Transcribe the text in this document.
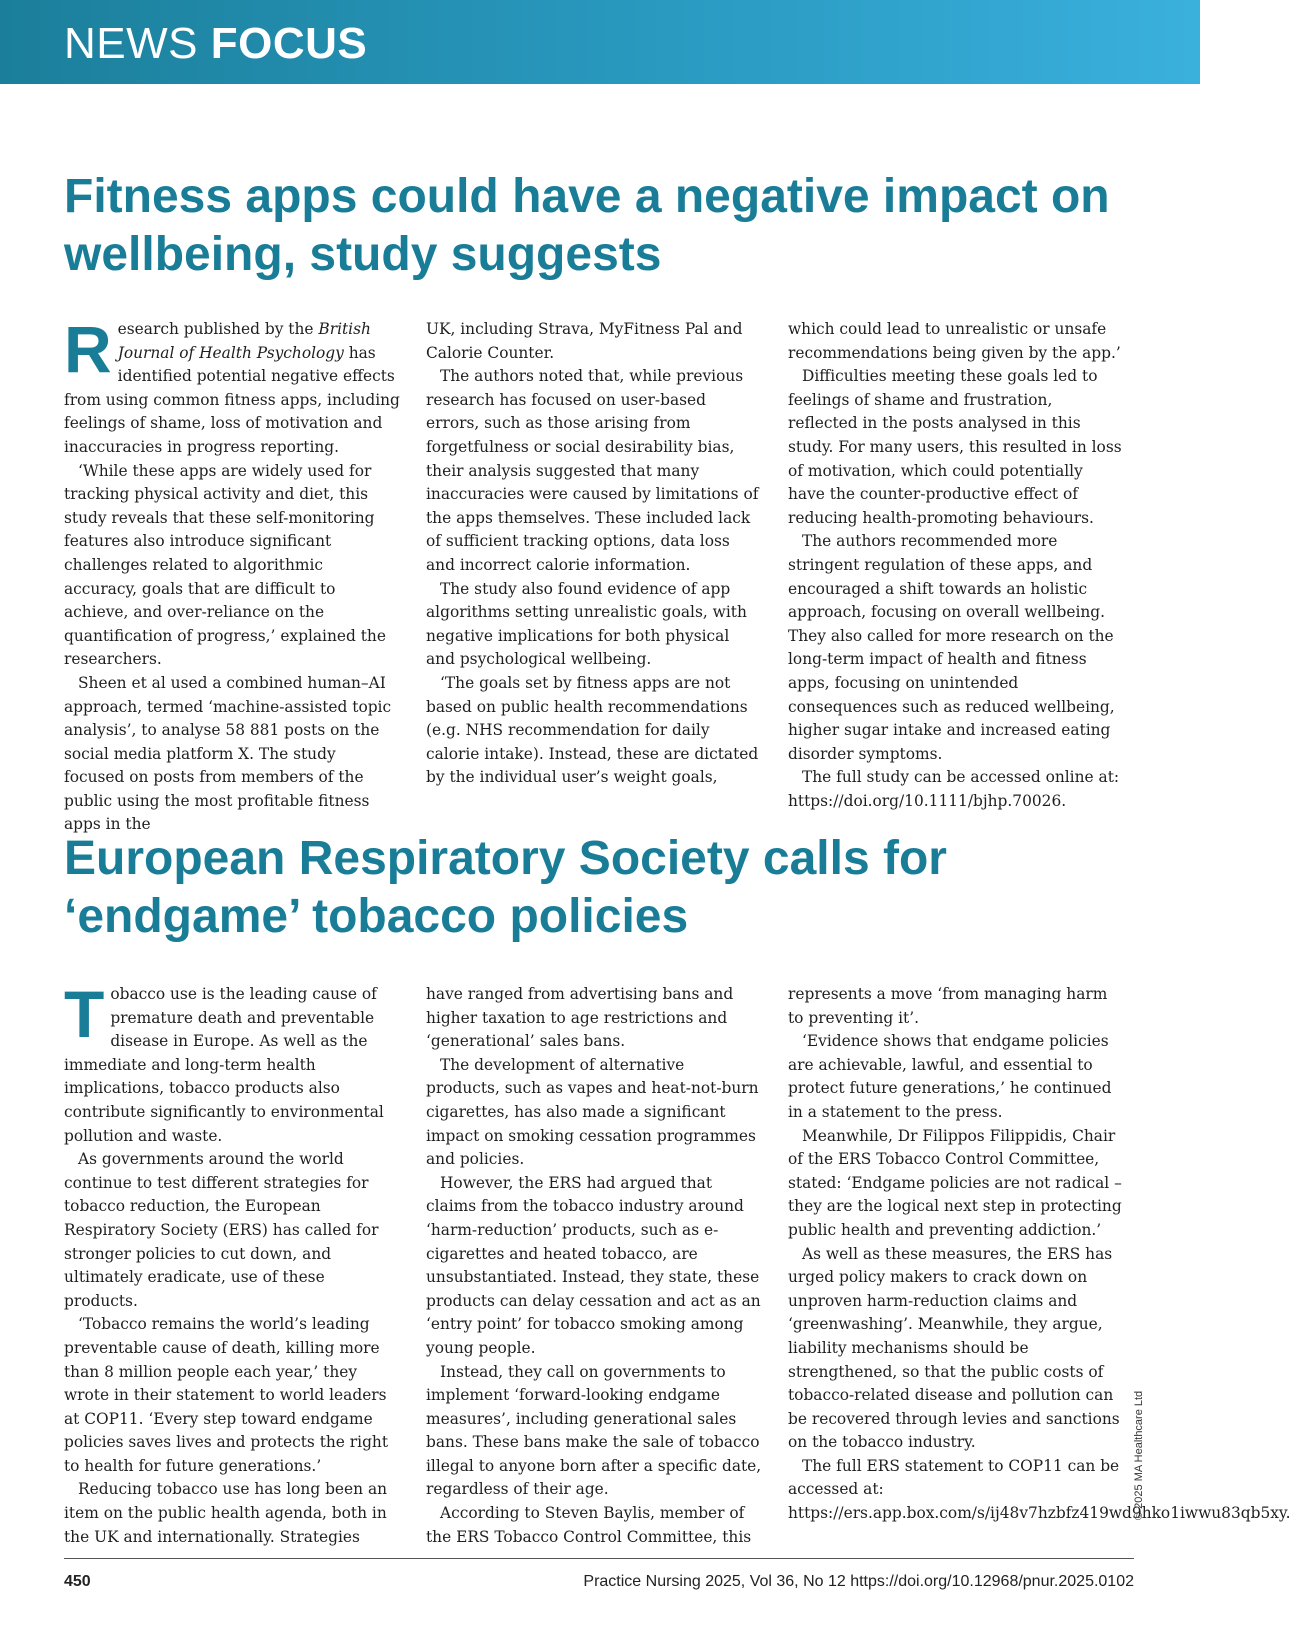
NEWS FOCUS
Fitness apps could have a negative impact on wellbeing, study suggests

Research published by the British Journal of Health Psychology has identified potential negative effects from using common fitness apps, including feelings of shame, loss of motivation and inaccuracies in progress reporting.

‘While these apps are widely used for tracking physical activity and diet, this study reveals that these self-monitoring features also introduce significant challenges related to algorithmic accuracy, goals that are difficult to achieve, and over-reliance on the quantification of progress,’ explained the researchers.

Sheen et al used a combined human–AI approach, termed ‘machine-assisted topic analysis’, to analyse 58 881 posts on the social media platform X. The study focused on posts from members of the public using the most profitable fitness apps in the

UK, including Strava, MyFitness Pal and Calorie Counter.

The authors noted that, while previous research has focused on user-based errors, such as those arising from forgetfulness or social desirability bias, their analysis suggested that many inaccuracies were caused by limitations of the apps themselves. These included lack of sufficient tracking options, data loss and incorrect calorie information.

The study also found evidence of app algorithms setting unrealistic goals, with negative implications for both physical and psychological wellbeing.

‘The goals set by fitness apps are not based on public health recommendations (e.g. NHS recommendation for daily calorie intake). Instead, these are dictated by the individual user’s weight goals,

which could lead to unrealistic or unsafe recommendations being given by the app.’

Difficulties meeting these goals led to feelings of shame and frustration, reflected in the posts analysed in this study. For many users, this resulted in loss of motivation, which could potentially have the counter-productive effect of reducing health-promoting behaviours.

The authors recommended more stringent regulation of these apps, and encouraged a shift towards an holistic approach, focusing on overall wellbeing. They also called for more research on the long-term impact of health and fitness apps, focusing on unintended consequences such as reduced wellbeing, higher sugar intake and increased eating disorder symptoms.

The full study can be accessed online at: https://doi.org/10.1111/bjhp.70026.

European Respiratory Society calls for ‘endgame’ tobacco policies

Tobacco use is the leading cause of premature death and preventable disease in Europe. As well as the immediate and long-term health implications, tobacco products also contribute significantly to environmental pollution and waste.

As governments around the world continue to test different strategies for tobacco reduction, the European Respiratory Society (ERS) has called for stronger policies to cut down, and ultimately eradicate, use of these products.

‘Tobacco remains the world’s leading preventable cause of death, killing more than 8 million people each year,’ they wrote in their statement to world leaders at COP11. ‘Every step toward endgame policies saves lives and protects the right to health for future generations.’

Reducing tobacco use has long been an item on the public health agenda, both in the UK and internationally. Strategies

have ranged from advertising bans and higher taxation to age restrictions and ‘generational’ sales bans.

The development of alternative products, such as vapes and heat-not-burn cigarettes, has also made a significant impact on smoking cessation programmes and policies.

However, the ERS had argued that claims from the tobacco industry around ‘harm-reduction’ products, such as e-cigarettes and heated tobacco, are unsubstantiated. Instead, they state, these products can delay cessation and act as an ‘entry point’ for tobacco smoking among young people.

Instead, they call on governments to implement ‘forward-looking endgame measures’, including generational sales bans. These bans make the sale of tobacco illegal to anyone born after a specific date, regardless of their age.

According to Steven Baylis, member of the ERS Tobacco Control Committee, this

represents a move ‘from managing harm to preventing it’.

‘Evidence shows that endgame policies are achievable, lawful, and essential to protect future generations,’ he continued in a statement to the press.

Meanwhile, Dr Filippos Filippidis, Chair of the ERS Tobacco Control Committee, stated: ‘Endgame policies are not radical – they are the logical next step in protecting public health and preventing addiction.’

As well as these measures, the ERS has urged policy makers to crack down on unproven harm-reduction claims and ‘greenwashing’. Meanwhile, they argue, liability mechanisms should be strengthened, so that the public costs of tobacco-related disease and pollution can be recovered through levies and sanctions on the tobacco industry.

The full ERS statement to COP11 can be accessed at: https://ers.app.box.com/s/ij48v7hzbfz419wd9hko1iwwu83qb5xy.

© 2025 MA Healthcare Ltd
450	Practice Nursing 2025, Vol 36, No 12 https://doi.org/10.12968/pnur.2025.0102
